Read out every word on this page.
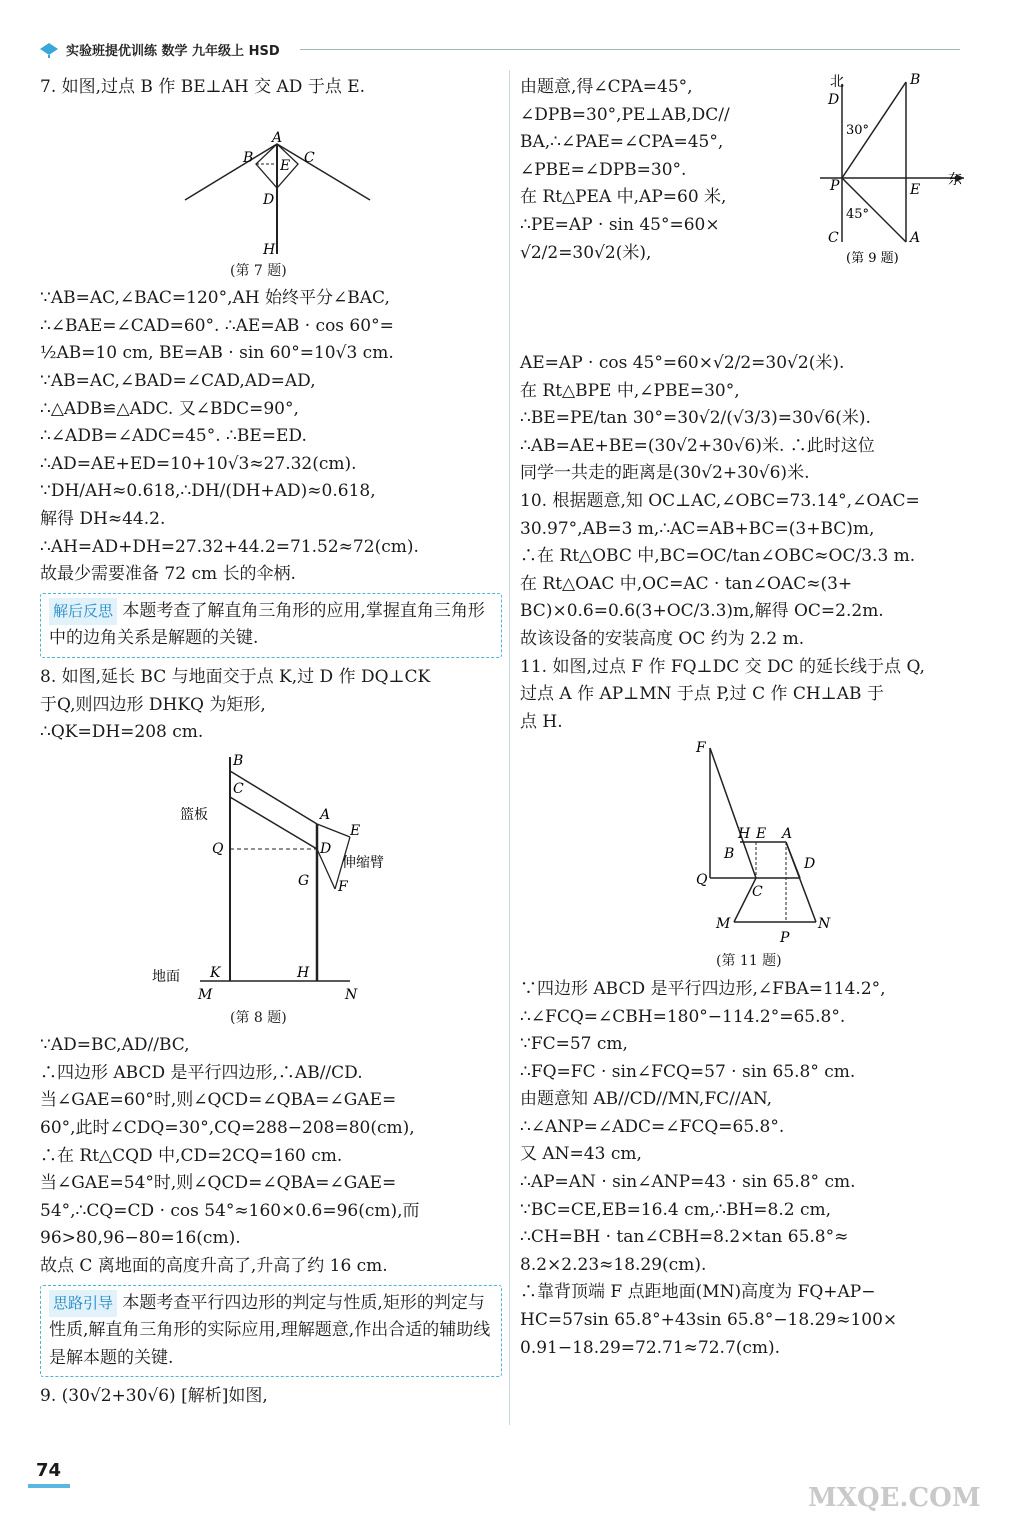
实验班提优训练 数学 九年级上 HSD

7. 如图,过点 B 作 BE⊥AH 交 AD 于点 E.

A
B	C
E
D
H

(第 7 题)

∵AB=AC,∠BAC=120°,AH 始终平分∠BAC,

∴∠BAE=∠CAD=60°. ∴AE=AB · cos 60°=

½AB=10 cm, BE=AB · sin 60°=10√3 cm.

∵AB=AC,∠BAD=∠CAD,AD=AD,

∴△ADB≌△ADC. 又∠BDC=90°,

∴∠ADB=∠ADC=45°. ∴BE=ED.

∴AD=AE+ED=10+10√3≈27.32(cm).

∵DH/AH≈0.618,∴DH/(DH+AD)≈0.618,

解得 DH≈44.2.

∴AH=AD+DH=27.32+44.2=71.52≈72(cm).

故最少需要准备 72 cm 长的伞柄.

解后反思 本题考查了解直角三角形的应用,掌握直角三角形中的边角关系是解题的关键.

8. 如图,延长 BC 与地面交于点 K,过 D 作 DQ⊥CK

于Q,则四边形 DHKQ 为矩形,

∴QK=DH=208 cm.

B
C
A
E
D
Q
G F
K	H
M	N
篮板
伸缩臂
地面

(第 8 题)

∵AD=BC,AD//BC,

∴四边形 ABCD 是平行四边形,∴AB//CD.

当∠GAE=60°时,则∠QCD=∠QBA=∠GAE=

60°,此时∠CDQ=30°,CQ=288−208=80(cm),

∴在 Rt△CQD 中,CD=2CQ=160 cm.

当∠GAE=54°时,则∠QCD=∠QBA=∠GAE=

54°,∴CQ=CD · cos 54°≈160×0.6=96(cm),而

96>80,96−80=16(cm).

故点 C 离地面的高度升高了,升高了约 16 cm.

思路引导 本题考查平行四边形的判定与性质,矩形的判定与性质,解直角三角形的实际应用,理解题意,作出合适的辅助线是解本题的关键.

9. (30√2+30√6) [解析]如图,

由题意,得∠CPA=45°,

∠DPB=30°,PE⊥AB,DC//

BA,∴∠PAE=∠CPA=45°,

∠PBE=∠DPB=30°.

在 Rt△PEA 中,AP=60 米,

∴PE=AP · sin 45°=60×

√2/2=30√2(米),

北
东
B
D
30°
P	E
45°
C	A
(第 9 题)

AE=AP · cos 45°=60×√2/2=30√2(米).

在 Rt△BPE 中,∠PBE=30°,

∴BE=PE/tan 30°=30√2/(√3/3)=30√6(米).

∴AB=AE+BE=(30√2+30√6)米. ∴此时这位

同学一共走的距离是(30√2+30√6)米.

10. 根据题意,知 OC⊥AC,∠OBC=73.14°,∠OAC=

30.97°,AB=3 m,∴AC=AB+BC=(3+BC)m,

∴在 Rt△OBC 中,BC=OC/tan∠OBC≈OC/3.3 m.

在 Rt△OAC 中,OC=AC · tan∠OAC≈(3+

BC)×0.6=0.6(3+OC/3.3)m,解得 OC=2.2m.

故该设备的安装高度 OC 约为 2.2 m.

11. 如图,过点 F 作 FQ⊥DC 交 DC 的延长线于点 Q,

过点 A 作 AP⊥MN 于点 P,过 C 作 CH⊥AB 于

点 H.

F
H E A
B
D
Q
C
M
P
N

(第 11 题)

∵四边形 ABCD 是平行四边形,∠FBA=114.2°,

∴∠FCQ=∠CBH=180°−114.2°=65.8°.

∵FC=57 cm,

∴FQ=FC · sin∠FCQ=57 · sin 65.8° cm.

由题意知 AB//CD//MN,FC//AN,

∴∠ANP=∠ADC=∠FCQ=65.8°.

又 AN=43 cm,

∴AP=AN · sin∠ANP=43 · sin 65.8° cm.

∵BC=CE,EB=16.4 cm,∴BH=8.2 cm,

∴CH=BH · tan∠CBH=8.2×tan 65.8°≈

8.2×2.23≈18.29(cm).

∴靠背顶端 F 点距地面(MN)高度为 FQ+AP−

HC=57sin 65.8°+43sin 65.8°−18.29≈100×

0.91−18.29=72.71≈72.7(cm).

74
MXQE.COM
